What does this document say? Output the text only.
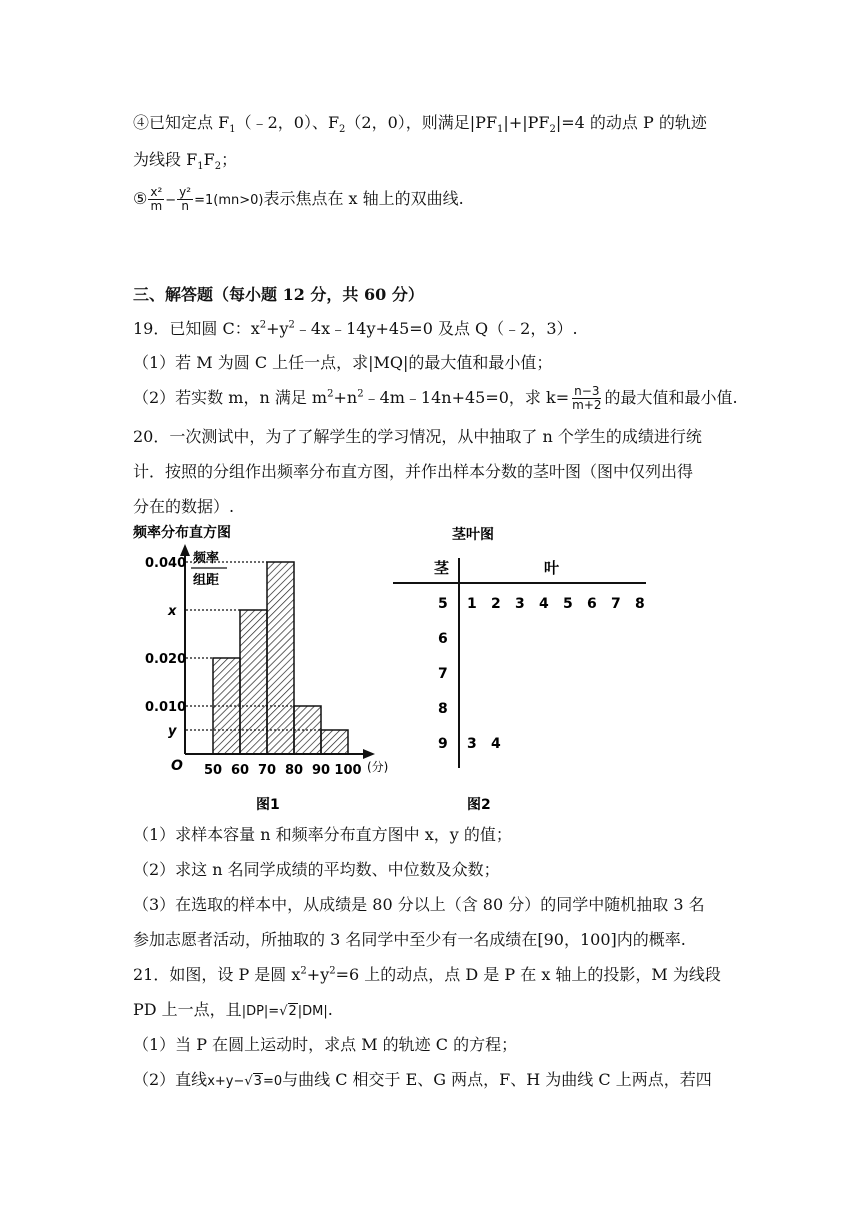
④已知定点 $F_1(﹣2$，0）、$F_2(2$，0），则满足$|PF_1|+|PF_2|=4$ 的动点 P 的轨迹
为线段 $F_1F_2$；
⑤ $\frac{\text{x²}}{m} - \frac{\text{y²}}{n} =1(mn>0)$表示焦点在 x 轴上的双曲线.
三、解答题（每小题 12 分，共 60 分）
19．已知圆 C：$x^2+y^2﹣4x﹣14y+45=0$ 及点 Q（﹣2，3）.
（1）若 M 为圆 C 上任一点，求|MQ|的最大值和最小值；
（2）若实数 m，n 满足 $m^2+n^2﹣4m﹣14n+45=0$，求 $k= \frac{n-3}{m+2}$ 的最大值和最小值.
20．一次测试中，为了了解学生的学习情况，从中抽取了 n 个学生的成绩进行统
计．按照的分组作出频率分布直方图，并作出样本分数的茎叶图（图中仅列出得
分在的数据）.
频率分布直方图
频率
组距
0.040
x
0.020
0.010
y
50 60 70 80 90 100
O	(分)
图1
茎叶图
茎	叶
5 1 2 3 4 5 6 7 8
6
7
8
9 3 4
图2
（1）求样本容量 n 和频率分布直方图中 x，y 的值；
（2）求这 n 名同学成绩的平均数、中位数及众数；
（3）在选取的样本中，从成绩是 80 分以上（含 80 分）的同学中随机抽取 3 名
参加志愿者活动，所抽取的 3 名同学中至少有一名成绩在[90，100]内的概率.
21．如图，设 P 是圆 $x^2+y^2=6$ 上的动点，点 D 是 P 在 x 轴上的投影，M 为线段
PD 上一点，且|DP|=√2|DM|.
（1）当 P 在圆上运动时，求点 M 的轨迹 C 的方程；
（2）直线x+y−√3=0与曲线 C 相交于 E、G 两点，F、H 为曲线 C 上两点，若四
